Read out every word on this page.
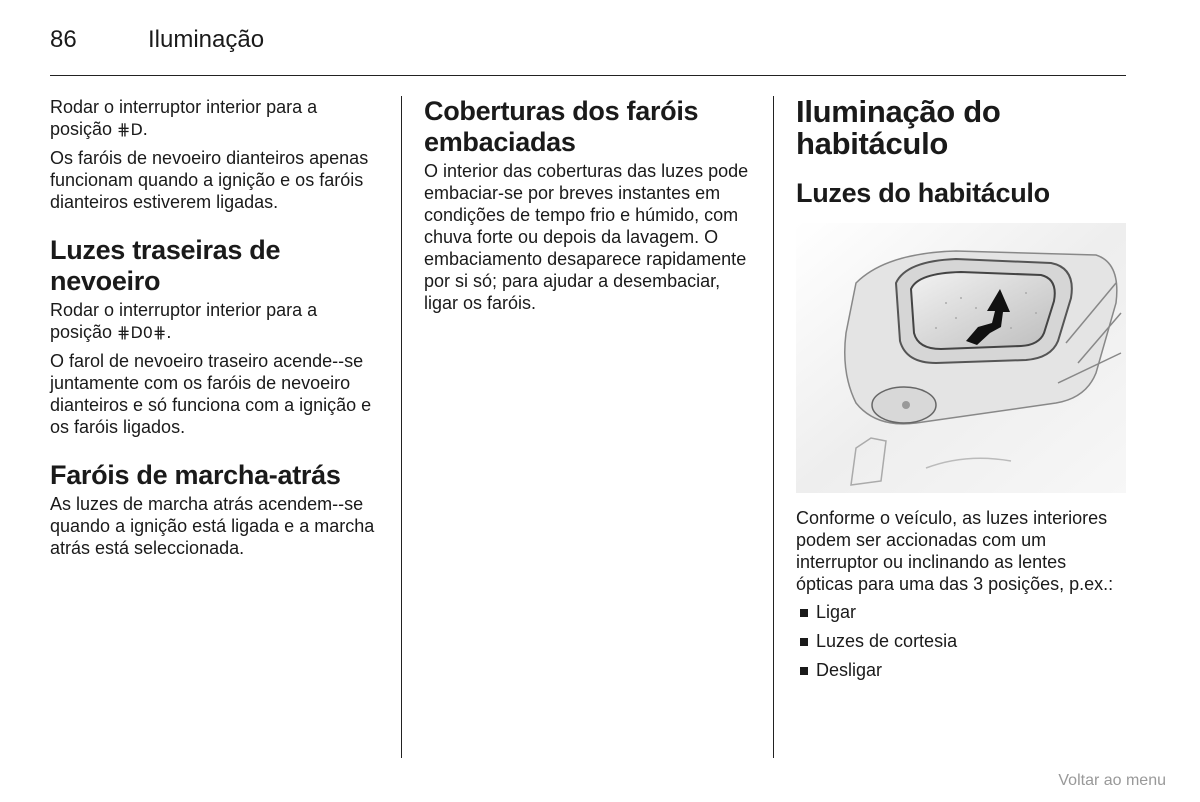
86	Iluminação

Rodar o interruptor interior para a posição ⋕D.

Os faróis de nevoeiro dianteiros apenas funcionam quando a ignição e os faróis dianteiros estiverem ligadas.

Luzes traseiras de nevoeiro

Rodar o interruptor interior para a posição ⋕D0⋕.

O farol de nevoeiro traseiro acende--se juntamente com os faróis de nevoeiro dianteiros e só funciona com a ignição e os faróis ligados.

Faróis de marcha-atrás

As luzes de marcha atrás acendem--se quando a ignição está ligada e a marcha atrás está seleccionada.

Coberturas dos faróis embaciadas

O interior das coberturas das luzes pode embaciar-se por breves instantes em condições de tempo frio e húmido, com chuva forte ou depois da lavagem. O embaciamento desaparece rapidamente por si só; para ajudar a desembaciar, ligar os faróis.

Iluminação do habitáculo
Luzes do habitáculo

Conforme o veículo, as luzes interiores podem ser accionadas com um interruptor ou inclinando as lentes ópticas para uma das 3 posições, p.ex.:

Ligar
Luzes de cortesia
Desligar
Voltar ao menu
